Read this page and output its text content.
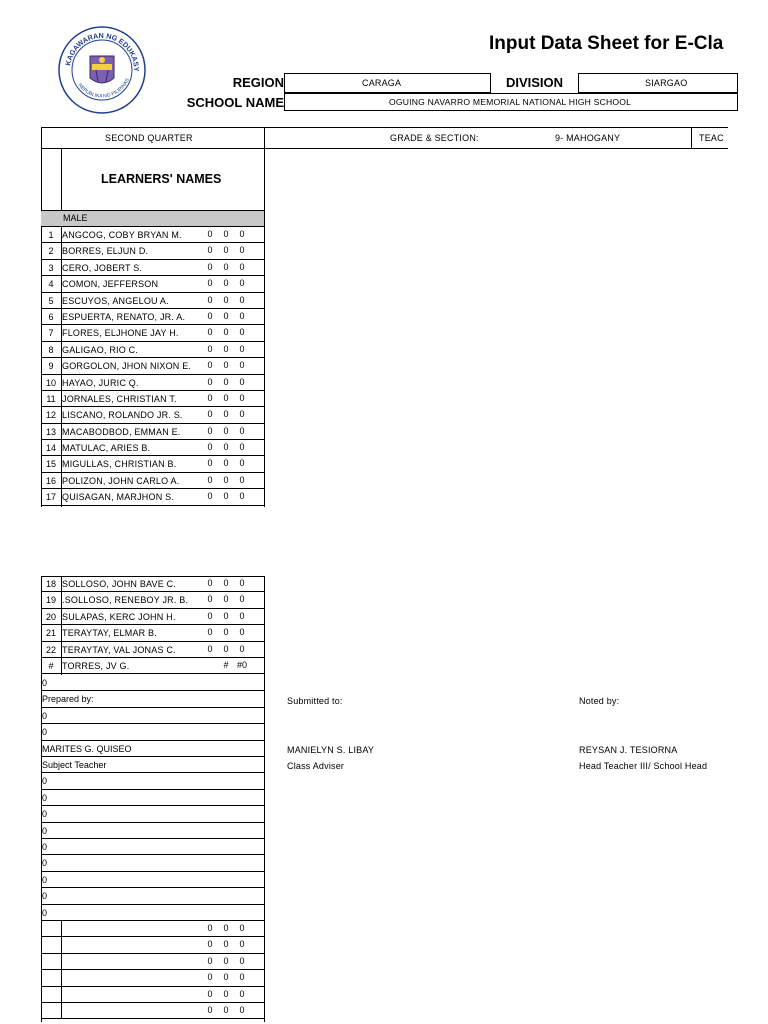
KAGAWARAN NG EDUKASY
REPUBLIKA NG PILIPINAS
Input Data Sheet for E-Cla
REGION	CARAGA	DIVISION	SIARGAO
SCHOOL NAME	OGUING NAVARRO MEMORIAL NATIONAL HIGH SCHOOL
SECOND QUARTER	GRADE & SECTION:	9- MAHOGANY	TEAC
LEARNERS' NAMES
MALE
1 ANGCOG, COBY BRYAN M.	0 0 0
2 BORRES, ELJUN D.	0 0 0
3 CERO, JOBERT S.	0 0 0
4 COMON, JEFFERSON	0 0 0
5 ESCUYOS, ANGELOU A.	0 0 0
6 ESPUERTA, RENATO, JR. A. 0 0 0
7 FLORES, ELJHONE JAY H.	0 0 0
8 GALIGAO, RIO C.	0 0 0
9 GORGOLON, JHON NIXON E. 0 0 0
10 HAYAO, JURIC Q.	0 0 0
11 JORNALES, CHRISTIAN T.	0 0 0
12 LISCANO, ROLANDO JR. S.	0 0 0
13 MACABODBOD, EMMAN E.	0 0 0
14 MATULAC, ARIES B.	0 0 0
15 MIGULLAS, CHRISTIAN B.	0 0 0
16 POLIZON, JOHN CARLO A.	0 0 0
17 QUISAGAN, MARJHON S.	0 0 0
18 SOLLOSO, JOHN BAVE C.	0 0 0
19 .SOLLOSO, RENEBOY JR. B. 0 0 0
20 SULAPAS, KERC JOHN H.	0 0 0
21 TERAYTAY, ELMAR B.	0 0 0
22 TERAYTAY, VAL JONAS C.	0 0 0
# TORRES, JV G.	# #0
0
Prepared by:
0
0
MARITES G. QUISEO
Subject Teacher
0
0
0
0
0
0
0
0
0
0 0 0
0 0 0
0 0 0
0 0 0
0 0 0
0 0 0
Submitted to:
MANIELYN S. LIBAY
Class Adviser
Noted by:
REYSAN J. TESIORNA
Head Teacher III/ School Head
